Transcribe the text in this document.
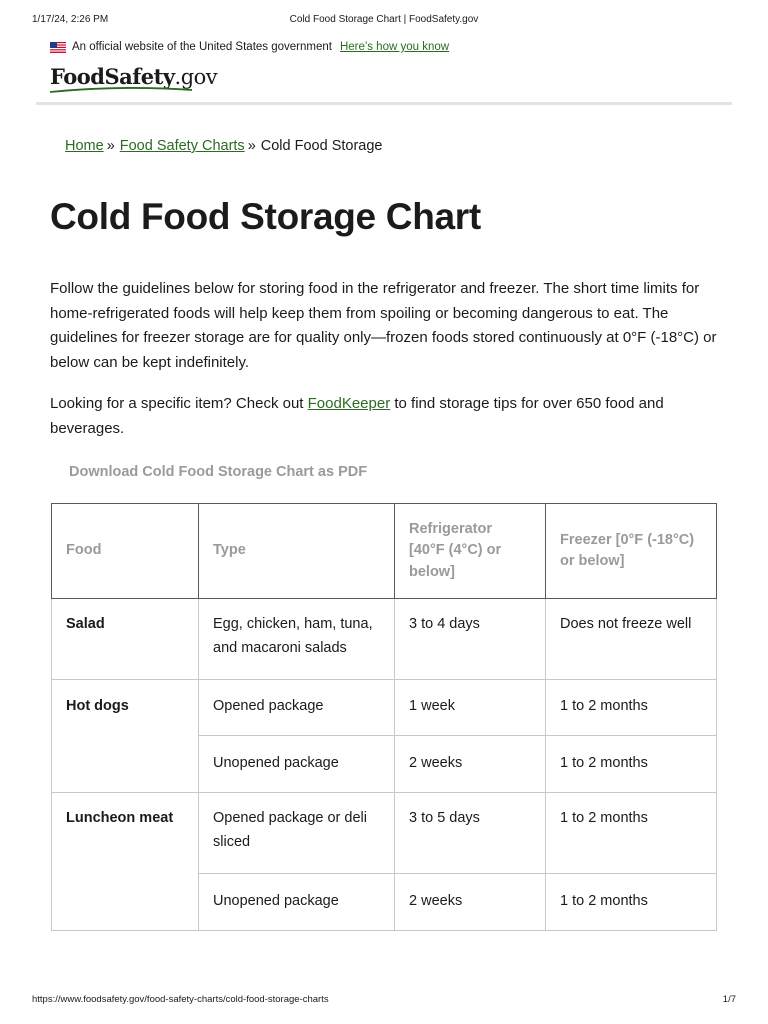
1/17/24, 2:26 PM	Cold Food Storage Chart | FoodSafety.gov
An official website of the United States government Here’s how you know
FoodSafety.gov
Home » Food Safety Charts » Cold Food Storage
Cold Food Storage Chart

Follow the guidelines below for storing food in the refrigerator and freezer. The short time limits for home-refrigerated foods will help keep them from spoiling or becoming dangerous to eat. The guidelines for freezer storage are for quality only—frozen foods stored continuously at 0°F (-18°C) or below can be kept indefinitely.

Looking for a specific item? Check out FoodKeeper to find storage tips for over 650 food and beverages.

Download Cold Food Storage Chart as PDF
Food	Type	Refrigerator [40°F (4°C) or below]	Freezer [0°F (-18°C) or below]
Salad	Egg, chicken, ham, tuna, and macaroni salads	3 to 4 days	Does not freeze well
Hot dogs	Opened package	1 week	1 to 2 months
	Unopened package	2 weeks	1 to 2 months
Luncheon meat	Opened package or deli sliced	3 to 5 days	1 to 2 months
	Unopened package	2 weeks	1 to 2 months
https://www.foodsafety.gov/food-safety-charts/cold-food-storage-charts	1/7
